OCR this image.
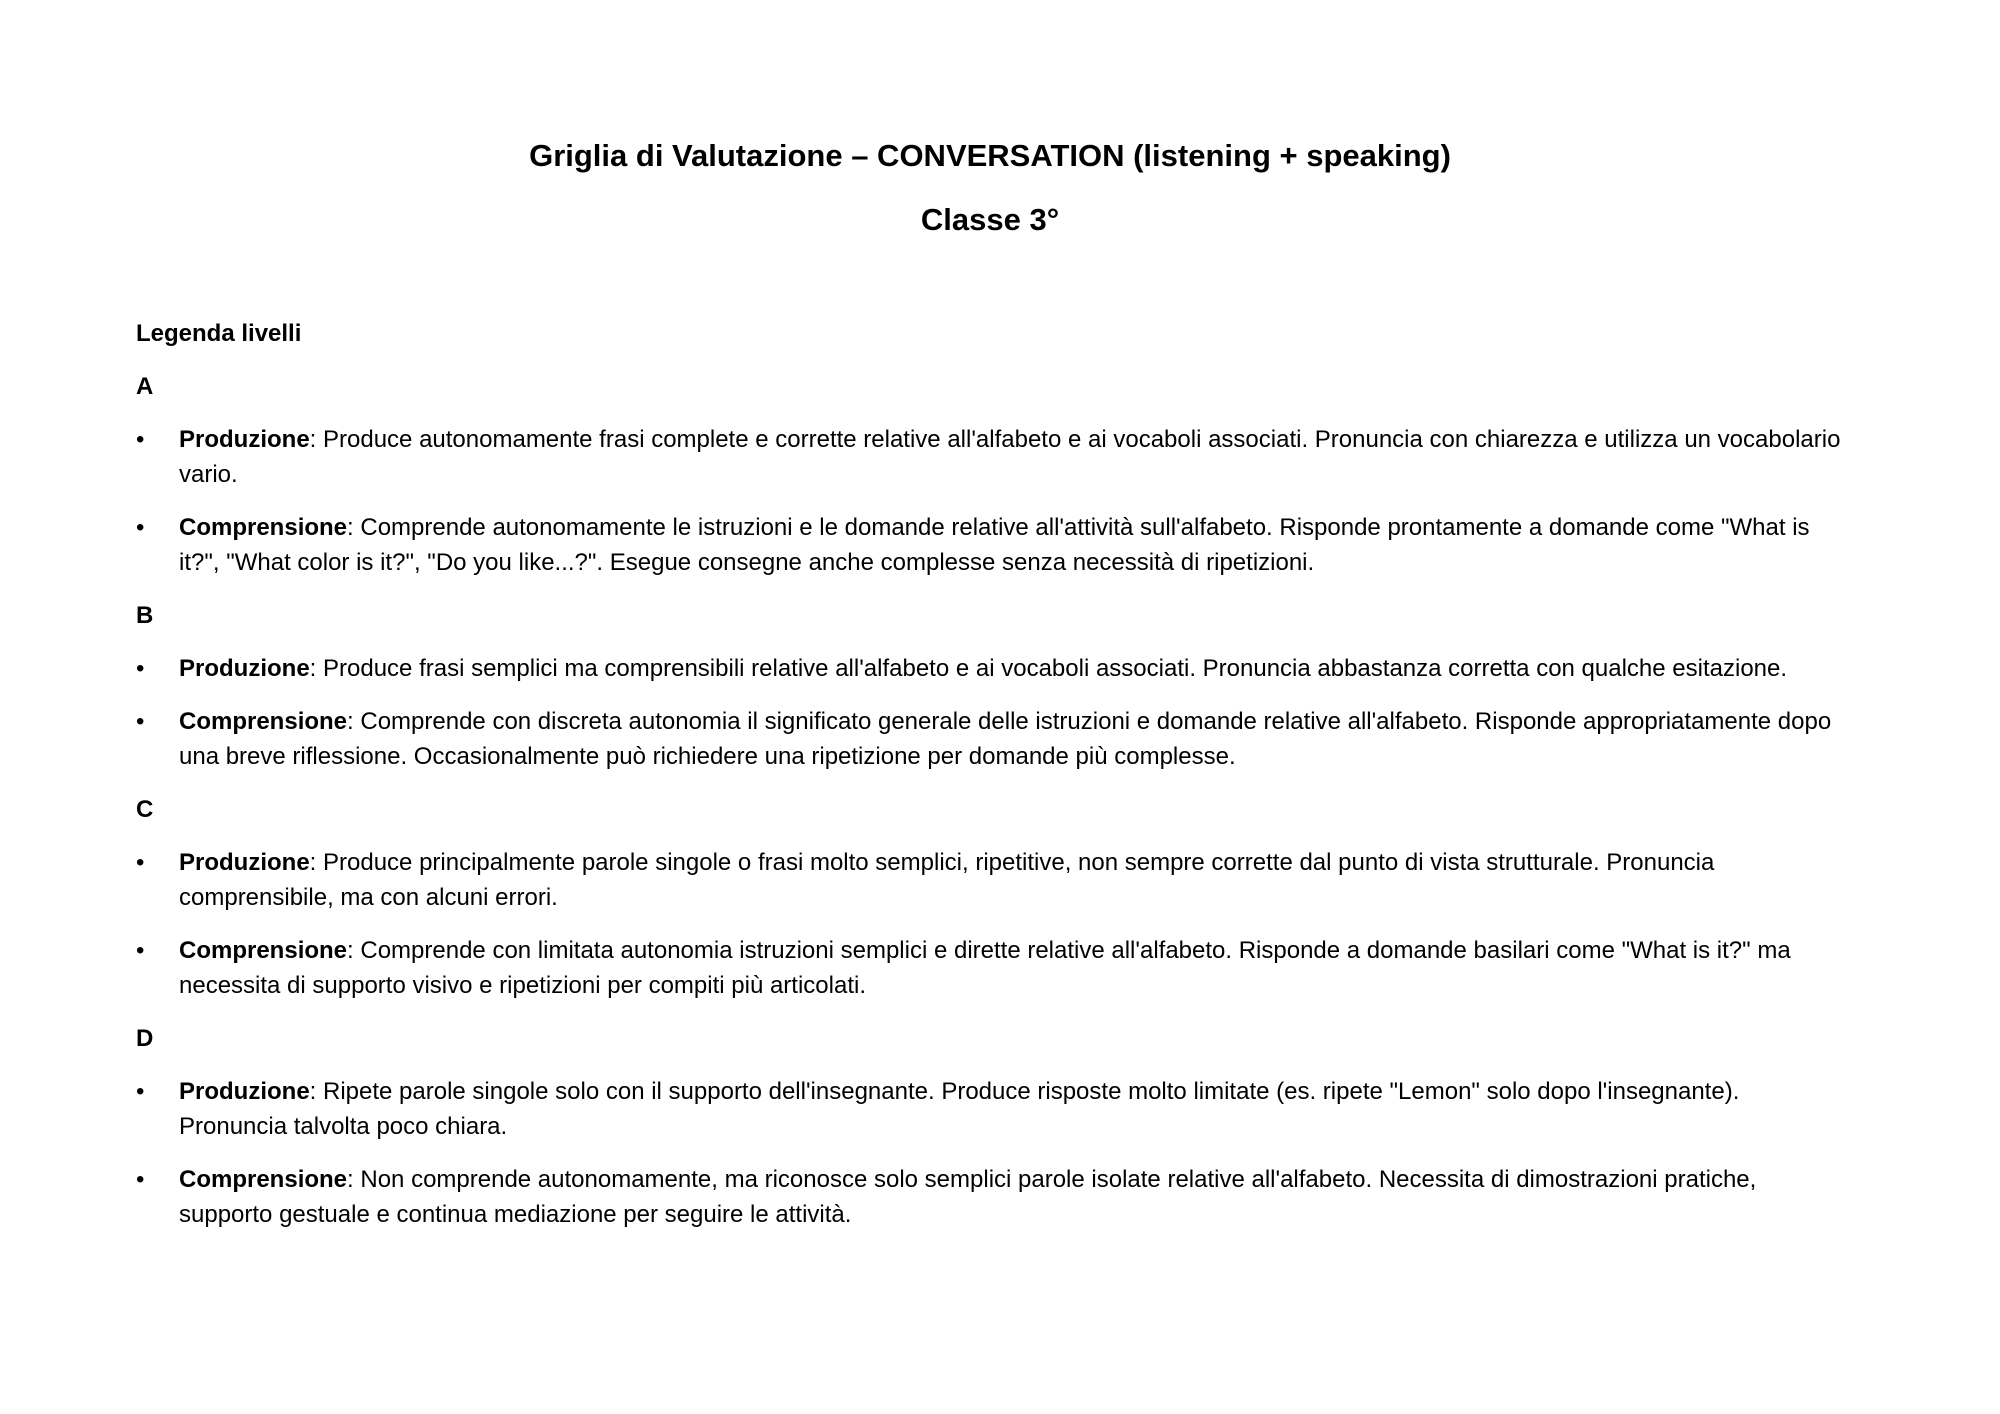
Griglia di Valutazione – CONVERSATION (listening + speaking)
Classe 3°

Legenda livelli

A

• Produzione: Produce autonomamente frasi complete e corrette relative all'alfabeto e ai vocaboli associati. Pronuncia con chiarezza e utilizza un vocabolario vario.
• Comprensione: Comprende autonomamente le istruzioni e le domande relative all'attività sull'alfabeto. Risponde prontamente a domande come "What is it?", "What color is it?", "Do you like...?". Esegue consegne anche complesse senza necessità di ripetizioni.

B

• Produzione: Produce frasi semplici ma comprensibili relative all'alfabeto e ai vocaboli associati. Pronuncia abbastanza corretta con qualche esitazione.
• Comprensione: Comprende con discreta autonomia il significato generale delle istruzioni e domande relative all'alfabeto. Risponde appropriatamente dopo una breve riflessione. Occasionalmente può richiedere una ripetizione per domande più complesse.

C

• Produzione: Produce principalmente parole singole o frasi molto semplici, ripetitive, non sempre corrette dal punto di vista strutturale. Pronuncia comprensibile, ma con alcuni errori.
• Comprensione: Comprende con limitata autonomia istruzioni semplici e dirette relative all'alfabeto. Risponde a domande basilari come "What is it?" ma necessita di supporto visivo e ripetizioni per compiti più articolati.

D

• Produzione: Ripete parole singole solo con il supporto dell'insegnante. Produce risposte molto limitate (es. ripete "Lemon" solo dopo l'insegnante). Pronuncia talvolta poco chiara.
• Comprensione: Non comprende autonomamente, ma riconosce solo semplici parole isolate relative all'alfabeto. Necessita di dimostrazioni pratiche, supporto gestuale e continua mediazione per seguire le attività.
